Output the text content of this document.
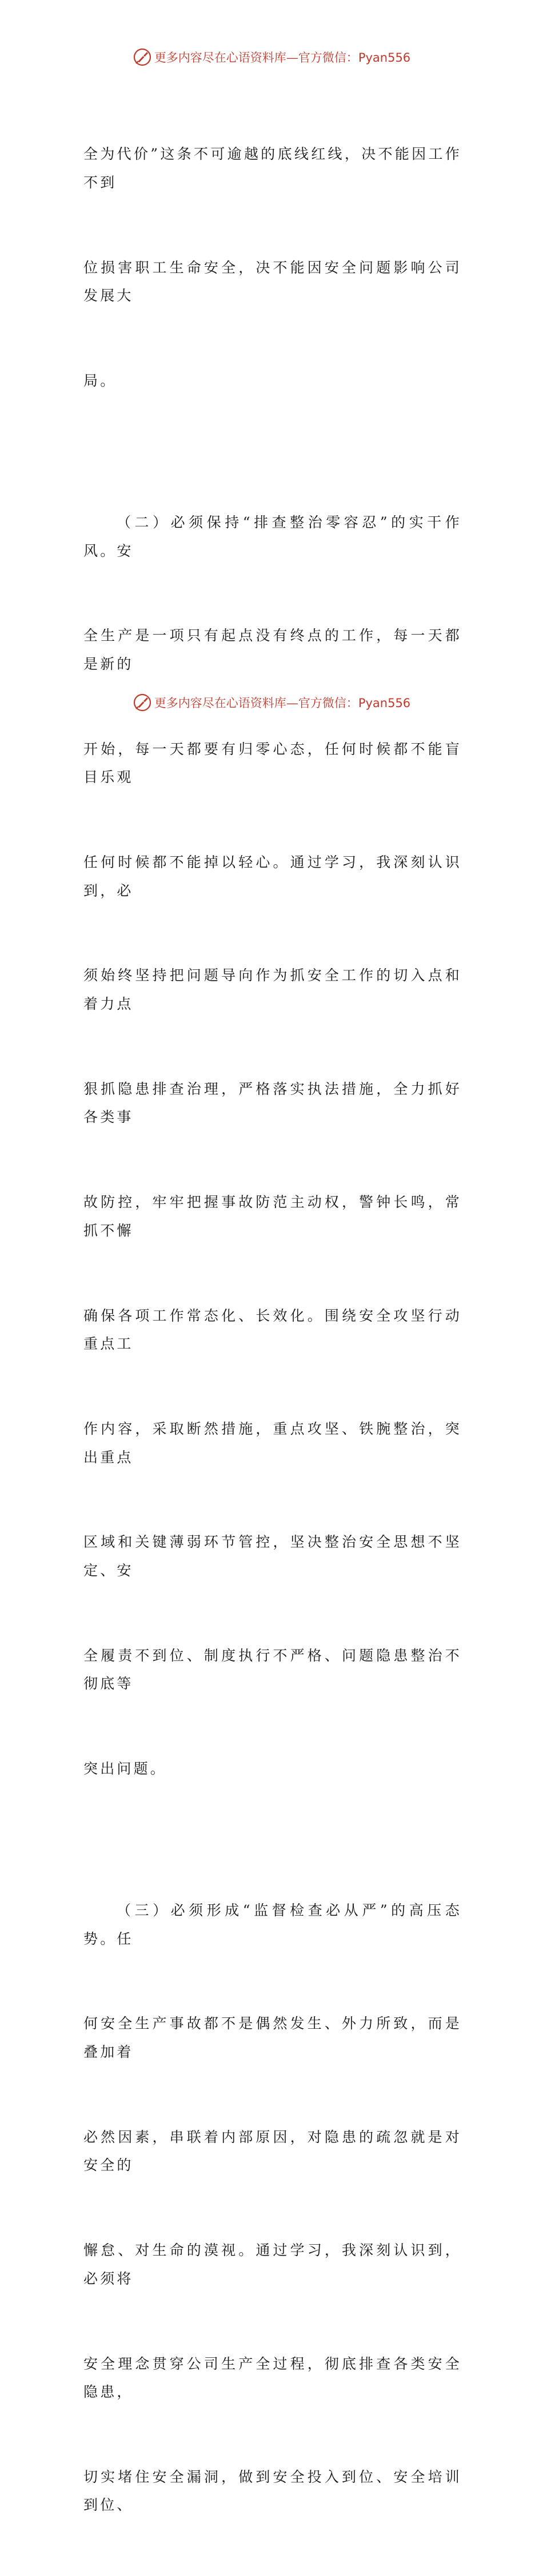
更多内容尽在心语资料库—官方微信：Pyan556

全为代价”这条不可逾越的底线红线，决不能因工作不到

位损害职工生命安全，决不能因安全问题影响公司发展大

局。

（二）必须保持“排查整治零容忍”的实干作风。安

全生产是一项只有起点没有终点的工作，每一天都是新的

开始，每一天都要有归零心态，任何时候都不能盲目乐观

任何时候都不能掉以轻心。通过学习，我深刻认识到，必

须始终坚持把问题导向作为抓安全工作的切入点和着力点

狠抓隐患排查治理，严格落实执法措施，全力抓好各类事

故防控，牢牢把握事故防范主动权，警钟长鸣，常抓不懈

确保各项工作常态化、长效化。围绕安全攻坚行动重点工

作内容，采取断然措施，重点攻坚、铁腕整治，突出重点

区域和关键薄弱环节管控，坚决整治安全思想不坚定、安

全履责不到位、制度执行不严格、问题隐患整治不彻底等

突出问题。

（三）必须形成“监督检查必从严”的高压态势。任

何安全生产事故都不是偶然发生、外力所致，而是叠加着

必然因素，串联着内部原因，对隐患的疏忽就是对安全的

懈怠、对生命的漠视。通过学习，我深刻认识到，必须将

安全理念贯穿公司生产全过程，彻底排查各类安全隐患，

切实堵住安全漏洞，做到安全投入到位、安全培训到位、

更多内容尽在心语资料库—官方微信：Pyan556
